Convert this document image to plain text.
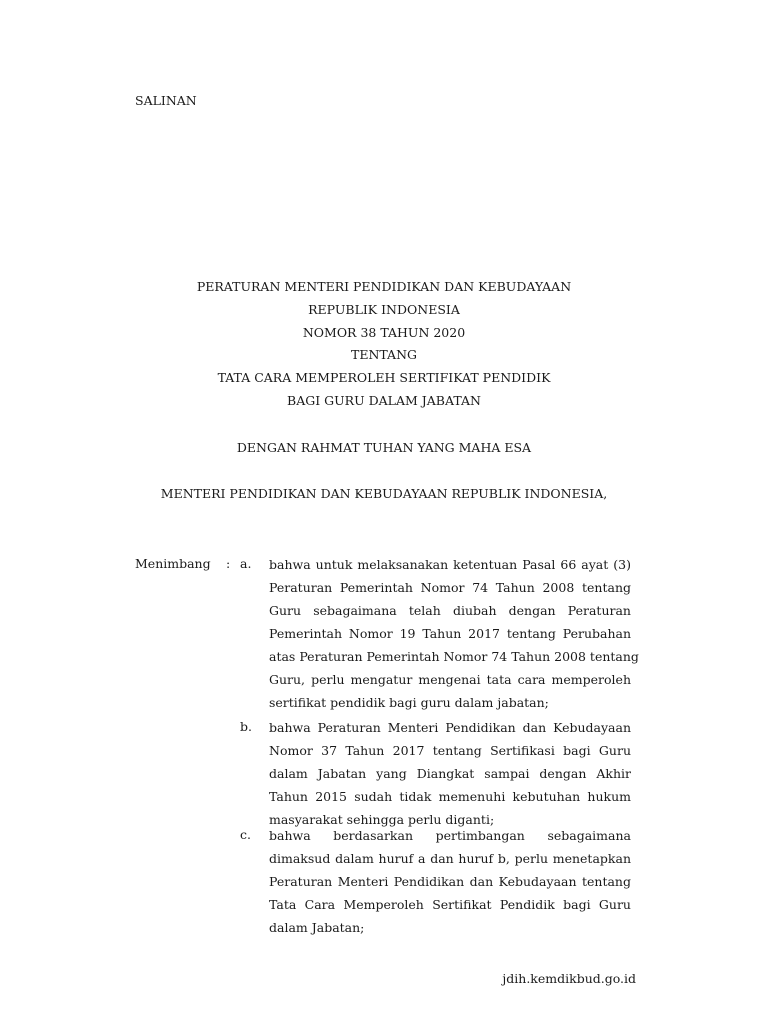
SALINAN
PERATURAN MENTERI PENDIDIKAN DAN KEBUDAYAAN
REPUBLIK INDONESIA
NOMOR 38 TAHUN 2020
TENTANG
TATA CARA MEMPEROLEH SERTIFIKAT PENDIDIK
BAGI GURU DALAM JABATAN
DENGAN RAHMAT TUHAN YANG MAHA ESA
MENTERI PENDIDIKAN DAN KEBUDAYAAN REPUBLIK INDONESIA,
Menimbang : a. bahwa untuk melaksanakan ketentuan Pasal 66 ayat (3)
Peraturan Pemerintah Nomor 74 Tahun 2008 tentang
Guru sebagaimana telah diubah dengan Peraturan
Pemerintah Nomor 19 Tahun 2017 tentang Perubahan
atas Peraturan Pemerintah Nomor 74 Tahun 2008 tentang
Guru, perlu mengatur mengenai tata cara memperoleh
sertifikat pendidik bagi guru dalam jabatan;
b. bahwa Peraturan Menteri Pendidikan dan Kebudayaan
Nomor 37 Tahun 2017 tentang Sertifikasi bagi Guru
dalam Jabatan yang Diangkat sampai dengan Akhir
Tahun 2015 sudah tidak memenuhi kebutuhan hukum
masyarakat sehingga perlu diganti;
c. bahwa berdasarkan pertimbangan sebagaimana
dimaksud dalam huruf a dan huruf b, perlu menetapkan
Peraturan Menteri Pendidikan dan Kebudayaan tentang
Tata Cara Memperoleh Sertifikat Pendidik bagi Guru
dalam Jabatan;
jdih.kemdikbud.go.id
